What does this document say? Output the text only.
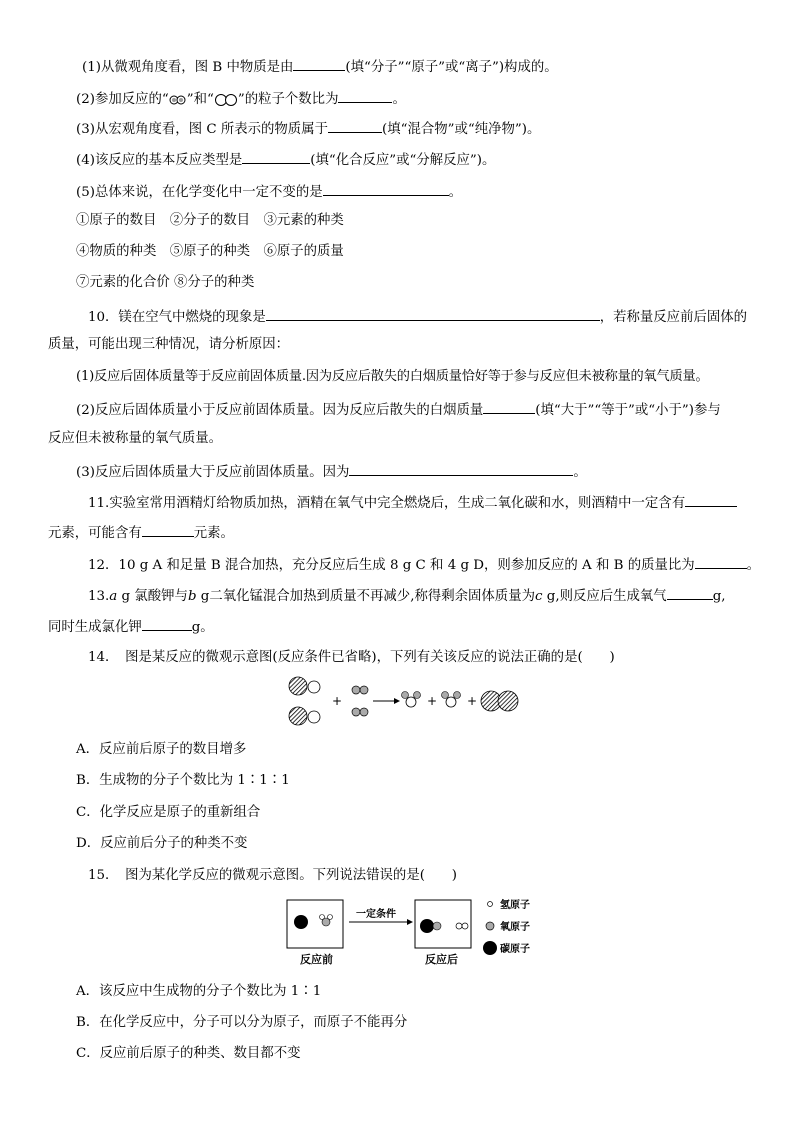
(1)从微观角度看，图 B 中物质是由	(填“分子”“原子”或“离子”)构成的。
(2)参加反应的“ ”和“ ”的粒子个数比为	。
(3)从宏观角度看，图 C 所表示的物质属于	(填“混合物”或“纯净物”)。
(4)该反应的基本反应类型是	(填“化合反应”或“分解反应”)。
(5)总体来说，在化学变化中一定不变的是	。
①原子的数目　②分子的数目　③元素的种类
④物质的种类　⑤原子的种类　⑥原子的质量
⑦元素的化合价 ⑧分子的种类
10．镁在空气中燃烧的现象是	，若称量反应前后固体的
质量，可能出现三种情况，请分析原因：
(1)反应后固体质量等于反应前固体质量.因为反应后散失的白烟质量恰好等于参与反应但未被称量的氧气质量。
(2)反应后固体质量小于反应前固体质量。因为反应后散失的白烟质量	(填“大于”“等于”或“小于”)参与
反应但未被称量的氧气质量。
(3)反应后固体质量大于反应前固体质量。因为	。
11.实验室常用酒精灯给物质加热，酒精在氧气中完全燃烧后，生成二氧化碳和水，则酒精中一定含有
元素，可能含有	元素。
12．10 g A 和足量 B 混合加热，充分反应后生成 8 g C 和 4 g D，则参加反应的 A 和 B 的质量比为	。
13.a g 氯酸钾与b g二氧化锰混合加热到质量不再减少,称得剩余固体质量为c g,则反应后生成氧气	g,
同时生成氯化钾	g。
14．　图是某反应的微观示意图(反应条件已省略)，下列有关该反应的说法正确的是(　　)
+	+ +
A．反应前后原子的数目增多
B．生成物的分子个数比为 1∶1∶1
C．化学反应是原子的重新组合
D．反应前后分子的种类不变
15．　图为某化学反应的微观示意图。下列说法错误的是(　　)
反应前
一定条件
反应后
氢原子
氧原子
碳原子
A．该反应中生成物的分子个数比为 1∶1
B．在化学反应中，分子可以分为原子，而原子不能再分
C．反应前后原子的种类、数目都不变
